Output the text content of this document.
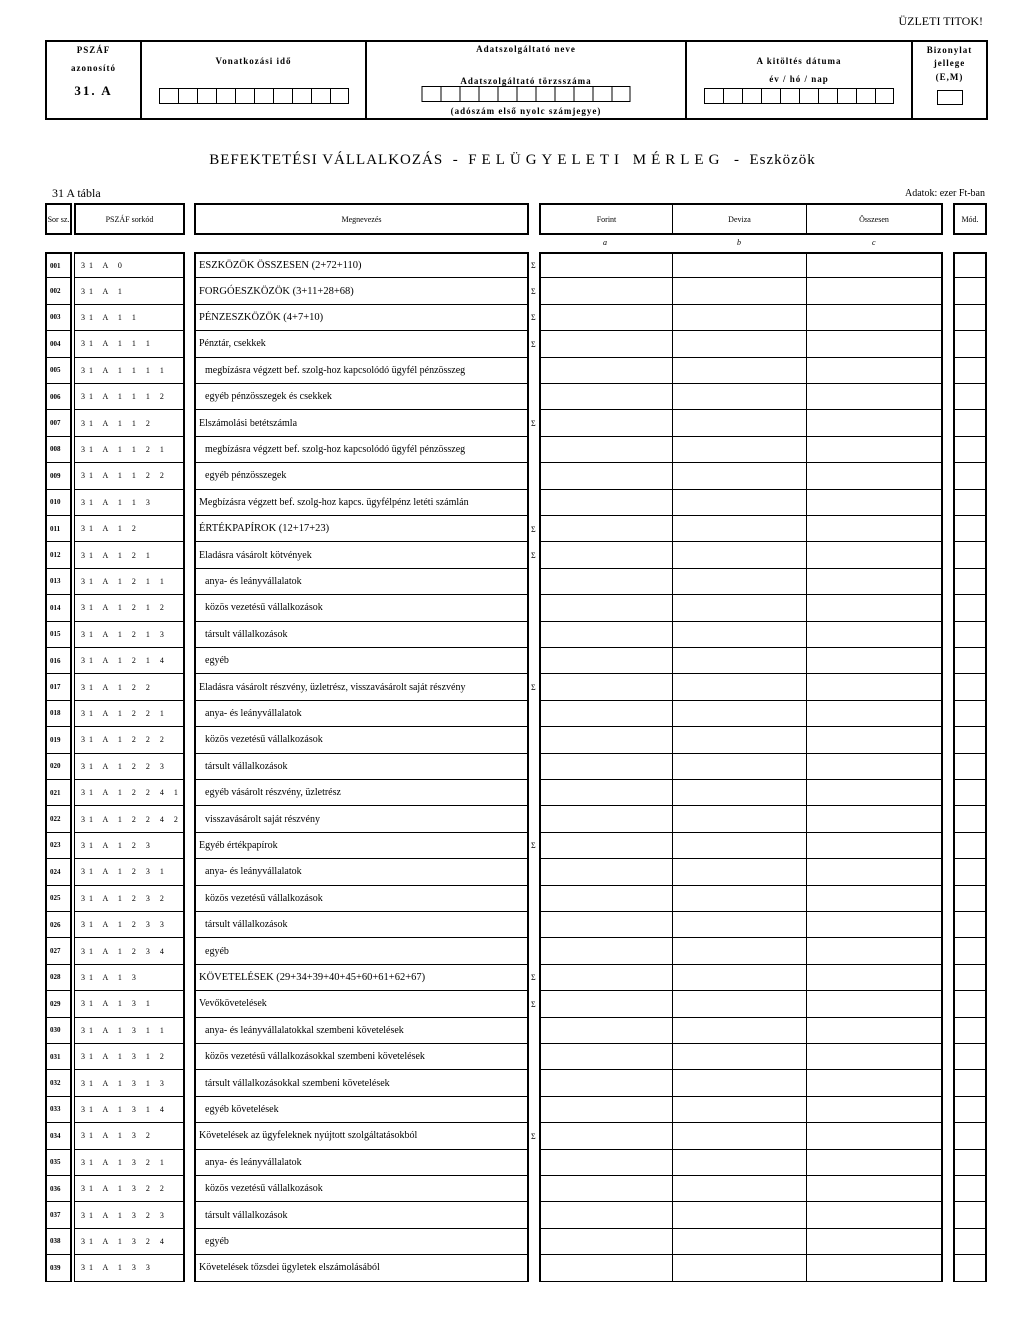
ÜZLETI TITOK!
PSZÁF
azonosító
31. A
Vonatkozási idő
Adatszolgáltató neve
Adatszolgáltató törzsszáma
(adószám első nyolc számjegye)
A kitöltés dátuma
év / hó / nap
Bizonylat jellege
(E,M)
BEFEKTETÉSI VÁLLALKOZÁS  -  FELÜGYELETI MÉRLEG  -  Eszközök
31 A tábla	Adatok: ezer Ft-ban
Sor sz.	PSZÁF sorkód	Megnevezés	Forint	Deviza	Összesen	Mód.
a	b	c
001	31 A 0	ESZKÖZÖK ÖSSZESEN (2+72+110)	Σ
002	31 A 1	FORGÓESZKÖZÖK (3+11+28+68)	Σ
003	31 A 1 1	PÉNZESZKÖZÖK (4+7+10)	Σ
004	31 A 1 1 1	Pénztár, csekkek	Σ
005	31 A 1 1 1 1	megbízásra végzett bef. szolg-hoz kapcsolódó ügyfél pénzösszeg
006	31 A 1 1 1 2	egyéb pénzösszegek és csekkek
007	31 A 1 1 2	Elszámolási betétszámla	Σ
008	31 A 1 1 2 1	megbízásra végzett bef. szolg-hoz kapcsolódó ügyfél pénzösszeg
009	31 A 1 1 2 2	egyéb pénzösszegek
010	31 A 1 1 3	Megbízásra végzett bef. szolg-hoz kapcs. ügyfélpénz letéti számlán
011	31 A 1 2	ÉRTÉKPAPÍROK (12+17+23)	Σ
012	31 A 1 2 1	Eladásra vásárolt kötvények	Σ
013	31 A 1 2 1 1	anya- és leányvállalatok
014	31 A 1 2 1 2	közös vezetésű vállalkozások
015	31 A 1 2 1 3	társult vállalkozások
016	31 A 1 2 1 4	egyéb
017	31 A 1 2 2	Eladásra vásárolt részvény, üzletrész, visszavásárolt saját részvény	Σ
018	31 A 1 2 2 1	anya- és leányvállalatok
019	31 A 1 2 2 2	közös vezetésű vállalkozások
020	31 A 1 2 2 3	társult vállalkozások
021	31 A 1 2 2 4 1	egyéb vásárolt részvény, üzletrész
022	31 A 1 2 2 4 2	visszavásárolt saját részvény
023	31 A 1 2 3	Egyéb értékpapírok	Σ
024	31 A 1 2 3 1	anya- és leányvállalatok
025	31 A 1 2 3 2	közös vezetésű vállalkozások
026	31 A 1 2 3 3	társult vállalkozások
027	31 A 1 2 3 4	egyéb
028	31 A 1 3	KÖVETELÉSEK (29+34+39+40+45+60+61+62+67)	Σ
029	31 A 1 3 1	Vevőkövetelések	Σ
030	31 A 1 3 1 1	anya- és leányvállalatokkal szembeni követelések
031	31 A 1 3 1 2	közös vezetésű vállalkozásokkal szembeni követelések
032	31 A 1 3 1 3	társult vállalkozásokkal szembeni követelések
033	31 A 1 3 1 4	egyéb követelések
034	31 A 1 3 2	Követelések az ügyfeleknek nyújtott szolgáltatásokból	Σ
035	31 A 1 3 2 1	anya- és leányvállalatok
036	31 A 1 3 2 2	közös vezetésű vállalkozások
037	31 A 1 3 2 3	társult vállalkozások
038	31 A 1 3 2 4	egyéb
039	31 A 1 3 3	Követelések tőzsdei ügyletek elszámolásából
